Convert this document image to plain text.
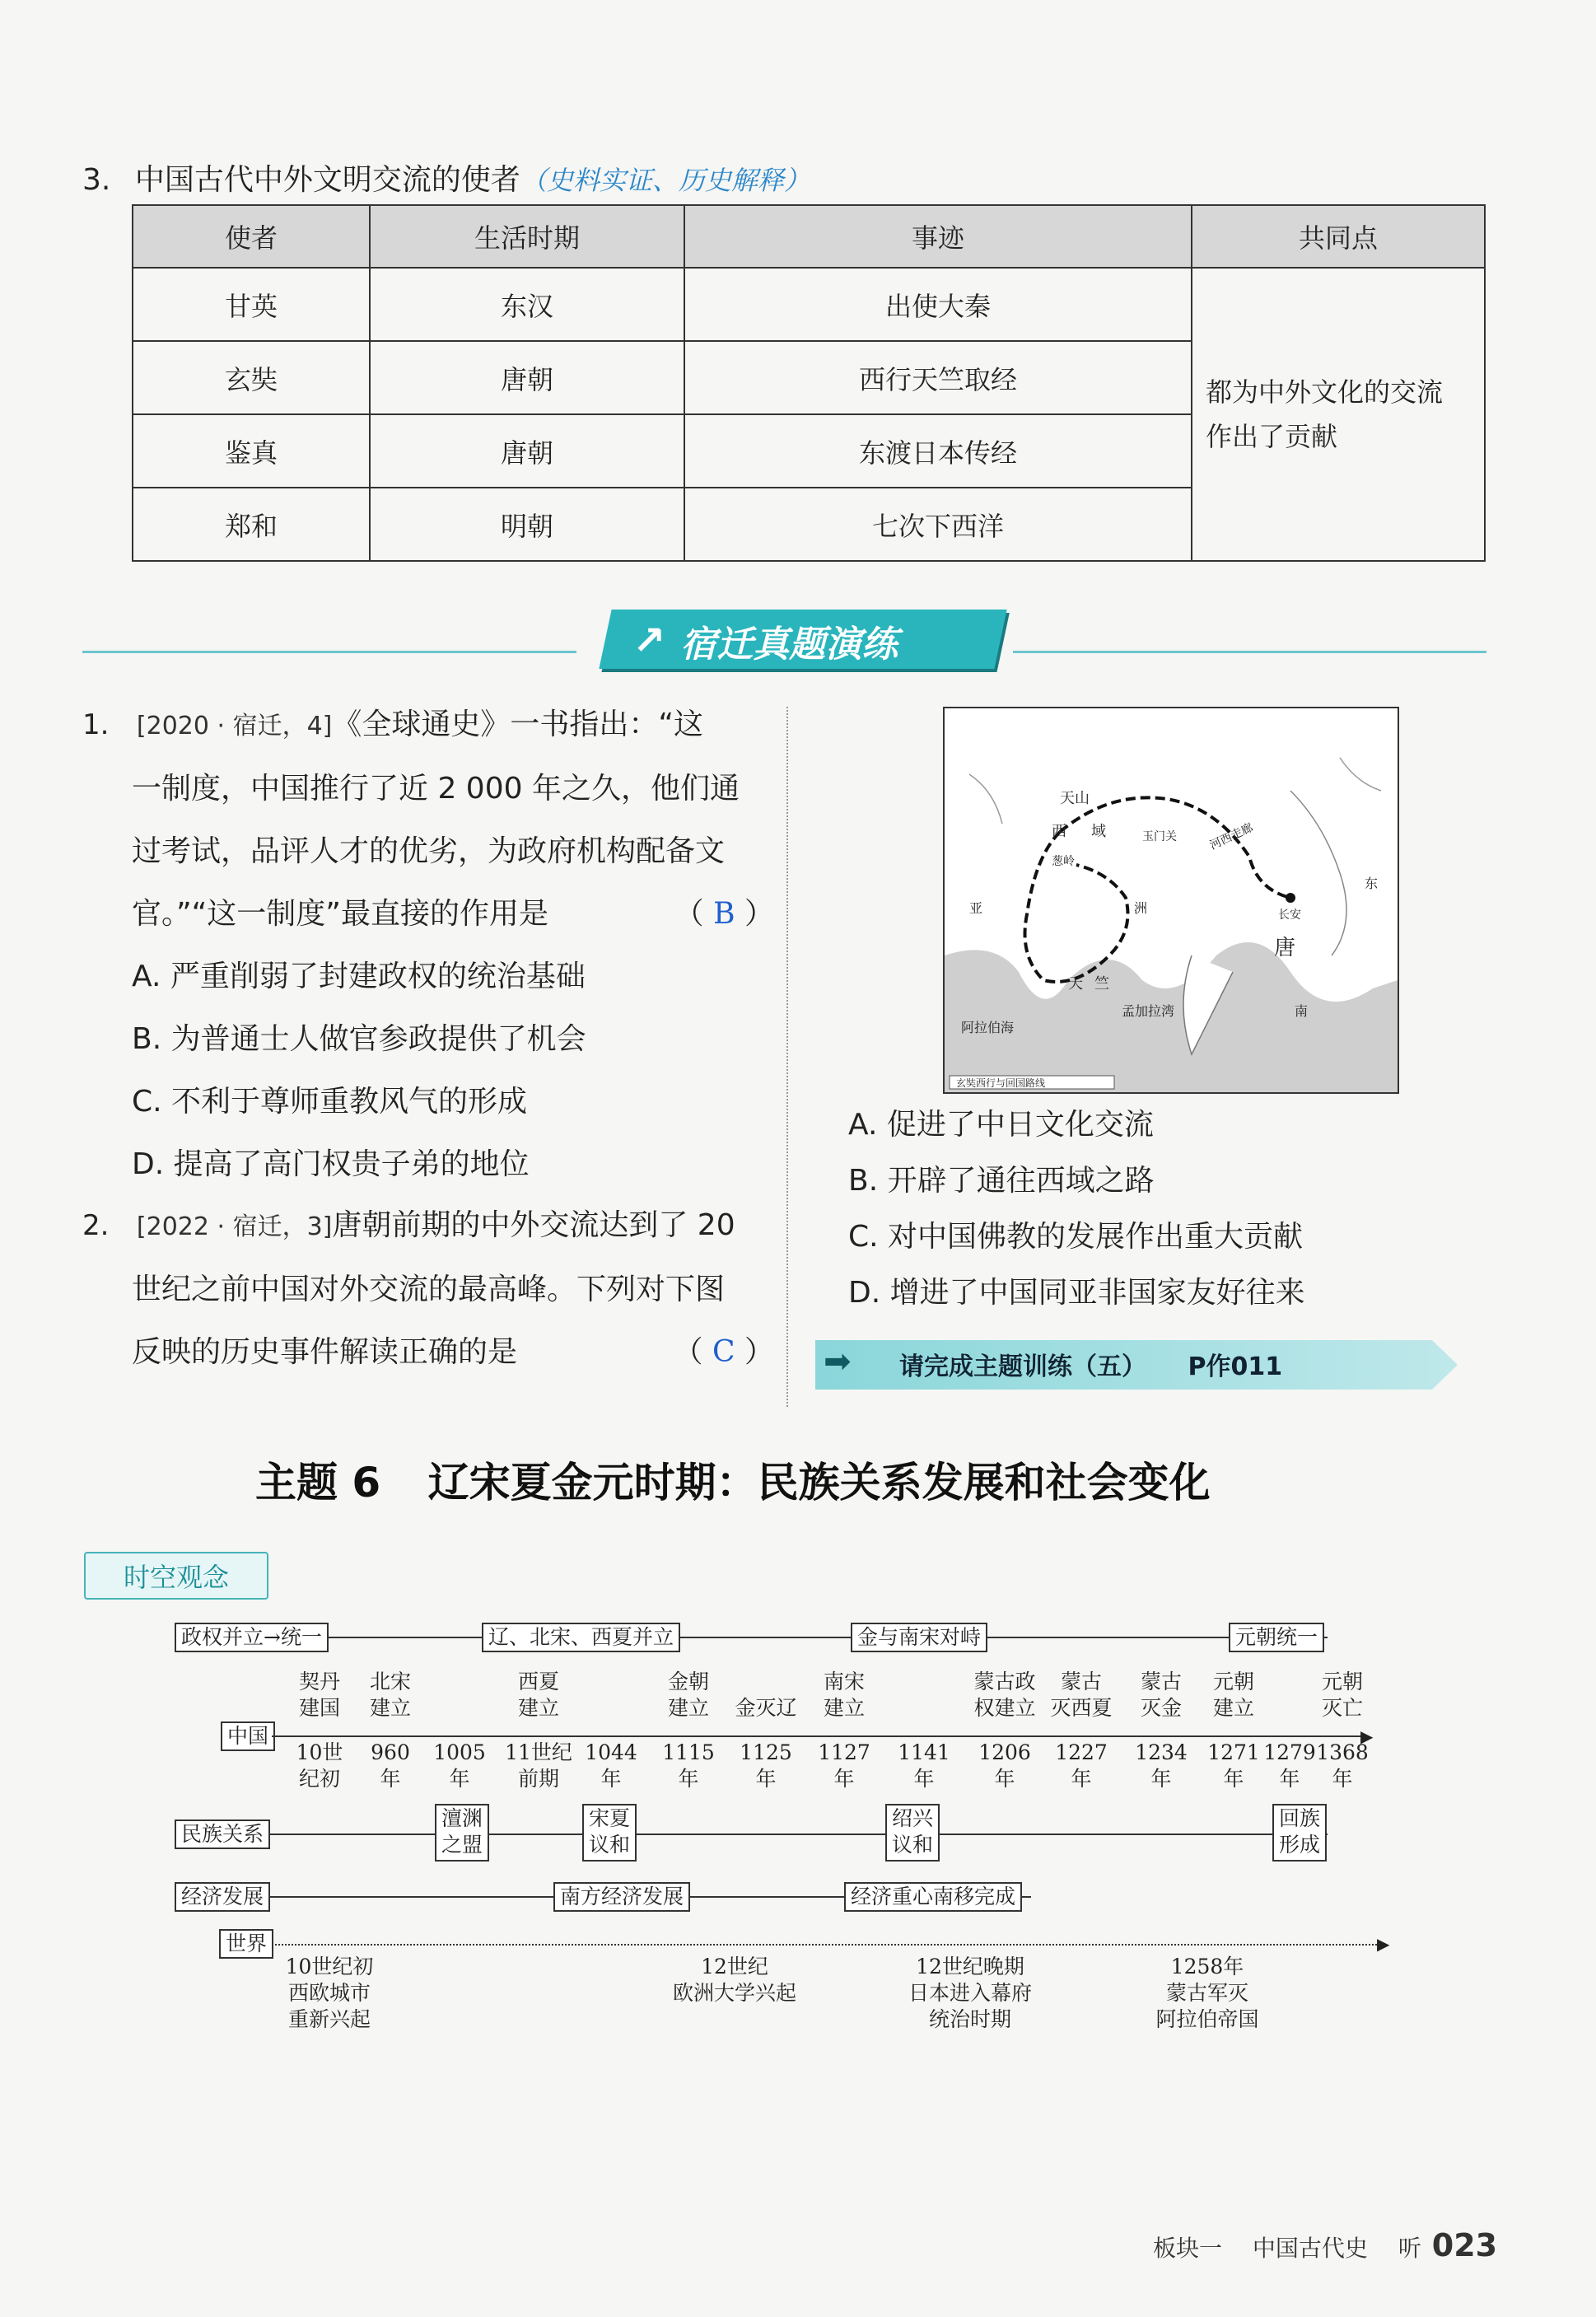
3. 中国古代中外文明交流的使者（史料实证、历史解释）
使者	生活时期	事迹	共同点
甘英	东汉	出使大秦	都为中外文化的交流
作出了贡献

玄奘	唐朝	西行天竺取经	
鉴真	唐朝	东渡日本传经	
郑和	明朝	七次下西洋	
↗ 宿迁真题演练
1. [2020 · 宿迁，4]《全球通史》一书指出：“这
一制度，中国推行了近 2 000 年之久，他们通
过考试，品评人才的优劣，为政府机构配备文
官。”“这一制度”最直接的作用是	（ B ）
A. 严重削弱了封建政权的统治基础
B. 为普通士人做官参政提供了机会
C. 不利于尊师重教风气的形成
D. 提高了高门权贵子弟的地位
2. [2022 · 宿迁，3]唐朝前期的中外交流达到了 20
世纪之前中国对外交流的最高峰。下列对下图
反映的历史事件解读正确的是	（ C ）
天山
西域 玉门关	河西走廊
长安
唐
亚	洲
葱岭
天竺
阿拉伯海
孟加拉湾	南
东
玄奘西行与回国路线
A. 促进了中日文化交流
B. 开辟了通往西域之路
C. 对中国佛教的发展作出重大贡献
D. 增进了中国同亚非国家友好往来
➡ 请完成主题训练（五） P作011
主题 6 辽宋夏金元时期：民族关系发展和社会变化
时空观念
政权并立→统一	辽、北宋、西夏并立	金与南宋对峙	元朝统一
契丹
建国
北宋
建立
西夏
建立
金朝
建立 金灭辽
南宋
建立
蒙古政
权建立
蒙古
灭西夏
蒙古
灭金
元朝
建立
元朝
灭亡
中国	▶
10世
纪初
960
年
1005
年
11世纪
前期
1044
年
1115
年
1125
年
1127
年
1141
年
1206
年
1227
年
1234
年
1271
年
1279
年
1368
年
民族关系
澶渊
之盟
宋夏
议和
绍兴
议和
回族
形成
经济发展	南方经济发展	经济重心南移完成
世界	▶
10世纪初
西欧城市
重新兴起
12世纪
欧洲大学兴起
12世纪晚期
日本进入幕府
统治时期
1258年
蒙古军灭
阿拉伯帝国
板块一 中国古代史 听 023
